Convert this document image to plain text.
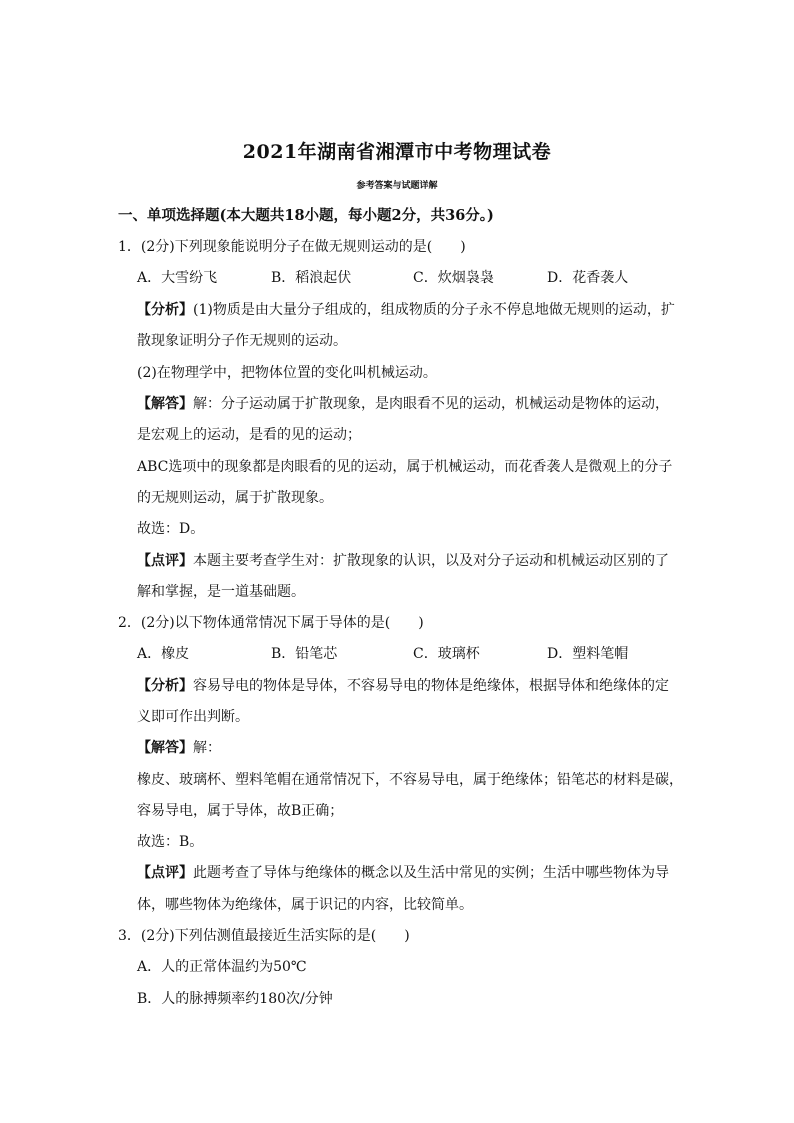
2021年湖南省湘潭市中考物理试卷
参考答案与试题详解
一、单项选择题(本大题共18小题，每小题2分，共36分。)
1．(2分)下列现象能说明分子在做无规则运动的是(　　)
A．大雪纷飞	B．稻浪起伏	C．炊烟袅袅	D．花香袭人
【分析】(1)物质是由大量分子组成的，组成物质的分子永不停息地做无规则的运动，扩
散现象证明分子作无规则的运动。
(2)在物理学中，把物体位置的变化叫机械运动。
【解答】解：分子运动属于扩散现象，是肉眼看不见的运动，机械运动是物体的运动，
是宏观上的运动，是看的见的运动；
ABC选项中的现象都是肉眼看的见的运动，属于机械运动，而花香袭人是微观上的分子
的无规则运动，属于扩散现象。
故选：D。
【点评】本题主要考查学生对：扩散现象的认识，以及对分子运动和机械运动区别的了
解和掌握，是一道基础题。
2．(2分)以下物体通常情况下属于导体的是(　　)
A．橡皮	B．铅笔芯	C．玻璃杯	D．塑料笔帽
【分析】容易导电的物体是导体，不容易导电的物体是绝缘体，根据导体和绝缘体的定
义即可作出判断。
【解答】解：
橡皮、玻璃杯、塑料笔帽在通常情况下，不容易导电，属于绝缘体；铅笔芯的材料是碳，
容易导电，属于导体，故B正确；
故选：B。
【点评】此题考查了导体与绝缘体的概念以及生活中常见的实例；生活中哪些物体为导
体，哪些物体为绝缘体，属于识记的内容，比较简单。
3．(2分)下列估测值最接近生活实际的是(　　)
A．人的正常体温约为50℃
B．人的脉搏频率约180次/分钟
